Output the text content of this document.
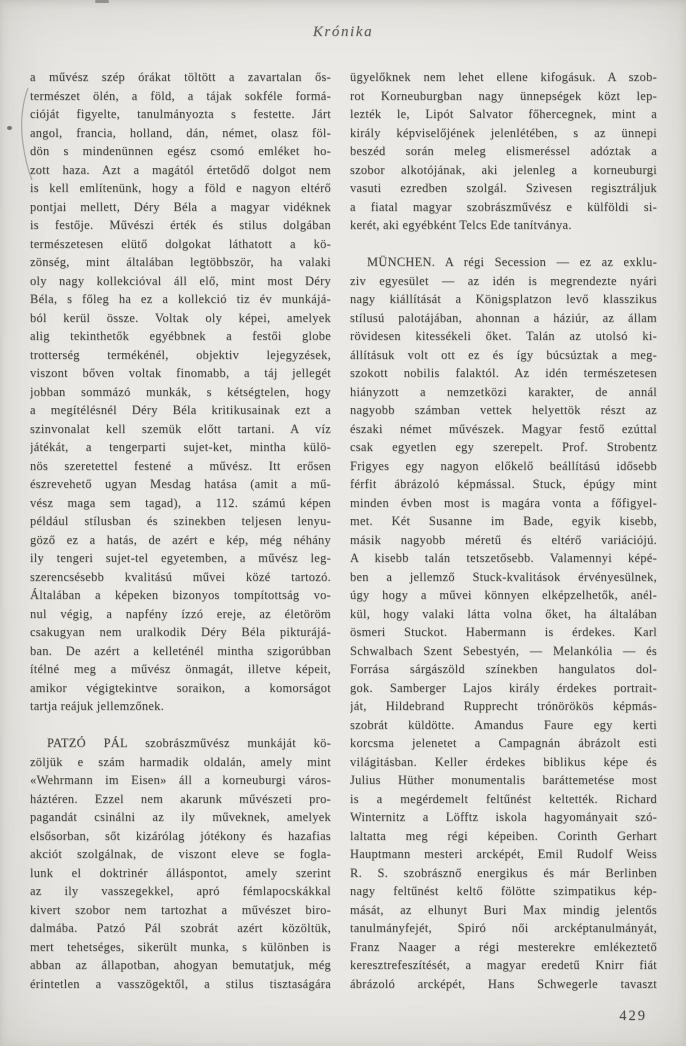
Krónika
a művész szép órákat töltött a zavartalan ős-
természet ölén, a föld, a tájak sokféle formá-
cióját figyelte, tanulmányozta s festette. Járt
angol, francia, holland, dán, német, olasz föl-
dön s mindenünnen egész csomó emléket ho-
zott haza. Azt a magától értetődő dolgot nem
is kell említenünk, hogy a föld e nagyon eltérő
pontjai mellett, Déry Béla a magyar vidéknek
is festője. Művészi érték és stilus dolgában
természetesen elütő dolgokat láthatott a kö-
zönség, mint általában legtöbbször, ha valaki
oly nagy kollekcióval áll elő, mint most Déry
Béla, s főleg ha ez a kollekció tiz év munkájá-
ból kerül össze. Voltak oly képei, amelyek
alig tekinthetők egyébbnek a festői globe
trotterség termékénél, objektiv lejegyzések,
viszont bőven voltak finomabb, a táj jellegét
jobban sommázó munkák, s kétségtelen, hogy
a megítélésnél Déry Béla kritikusainak ezt a
szinvonalat kell szemük előtt tartani. A víz
játékát, a tengerparti sujet-ket, mintha külö-
nös szeretettel festené a művész. Itt erősen
észrevehető ugyan Mesdag hatása (amit a mű-
vész maga sem tagad), a 112. számú képen
például stílusban és szinekben teljesen lenyu-
göző ez a hatás, de azért e kép, még néhány
ily tengeri sujet-tel egyetemben, a művész leg-
szerencsésebb kvalitású művei közé tartozó.
Általában a képeken bizonyos tompítottság vo-
nul végig, a napfény ízzó ereje, az életöröm
csakugyan nem uralkodik Déry Béla pikturájá-
ban. De azért a kelleténél mintha szigorúbban
ítélné meg a művész önmagát, illetve képeit,
amikor végigtekintve soraikon, a komorságot
tartja reájuk jellemzőnek.
PATZÓ PÁL szobrászművész munkáját kö-
zöljük e szám harmadik oldalán, amely mint
«Wehrmann im Eisen» áll a korneuburgi város-
háztéren. Ezzel nem akarunk művészeti pro-
pagandát csinálni az ily műveknek, amelyek
elsősorban, sőt kizárólag jótékony és hazafias
akciót szolgálnak, de viszont eleve se fogla-
lunk el doktrinér álláspontot, amely szerint
az ily vasszegekkel, apró fémlapocskákkal
kivert szobor nem tartozhat a művészet biro-
dalmába. Patzó Pál szobrát azért közöltük,
mert tehetséges, sikerült munka, s különben is
abban az állapotban, ahogyan bemutatjuk, még
érintetlen a vasszögektől, a stilus tisztaságára
ügyelőknek nem lehet ellene kifogásuk. A szob-
rot Korneuburgban nagy ünnepségek közt lep-
lezték le, Lipót Salvator főhercegnek, mint a
király képviselőjének jelenlétében, s az ünnepi
beszéd során meleg elismeréssel adóztak a
szobor alkotójának, aki jelenleg a korneuburgi
vasuti ezredben szolgál. Szivesen regisztráljuk
a fiatal magyar szobrászművész e külföldi si-
kerét, aki egyébként Telcs Ede tanítványa.
MÜNCHEN. A régi Secession — ez az exklu-
ziv egyesület — az idén is megrendezte nyári
nagy kiállítását a Königsplatzon levő klasszikus
stílusú palotájában, ahonnan a háziúr, az állam
rövidesen kitessékeli őket. Talán az utolsó ki-
állításuk volt ott ez és így búcsúztak a meg-
szokott nobilis falaktól. Az idén természetesen
hiányzott a nemzetközi karakter, de annál
nagyobb számban vettek helyettök részt az
északi német művészek. Magyar festő ezúttal
csak egyetlen egy szerepelt. Prof. Strobentz
Frigyes egy nagyon előkelő beállítású idősebb
férfit ábrázoló képmással. Stuck, épúgy mint
minden évben most is magára vonta a főfigyel-
met. Két Susanne im Bade, egyik kisebb,
másik nagyobb méretű és eltérő variációjú.
A kisebb talán tetszetősebb. Valamennyi képé-
ben a jellemző Stuck-kvalitások érvényesülnek,
úgy hogy a művei könnyen elképzelhetők, anél-
kül, hogy valaki látta volna őket, ha általában
ösmeri Stuckot. Habermann is érdekes. Karl
Schwalbach Szent Sebestyén, — Melankólia — és
Forrása sárgászöld színekben hangulatos dol-
gok. Samberger Lajos király érdekes portrait-
ját, Hildebrand Rupprecht trónörökös képmás-
szobrát küldötte. Amandus Faure egy kerti
korcsma jelenetet a Campagnán ábrázolt esti
világitásban. Keller érdekes biblikus képe és
Julius Hüther monumentalis baráttemetése most
is a megérdemelt feltűnést keltették. Richard
Winternitz a Löfftz iskola hagyományait szó-
laltatta meg régi képeiben. Corinth Gerhart
Hauptmann mesteri arcképét, Emil Rudolf Weiss
R. S. szobrásznő energikus és már Berlinben
nagy feltűnést keltő fölötte szimpatikus kép-
mását, az elhunyt Buri Max mindig jelentős
tanulmányfejét, Spiró női arcképtanulmányát,
Franz Naager a régi mesterekre emlékeztető
keresztrefeszítését, a magyar eredetű Knirr fiát
ábrázoló arcképét, Hans Schwegerle tavaszt
429
